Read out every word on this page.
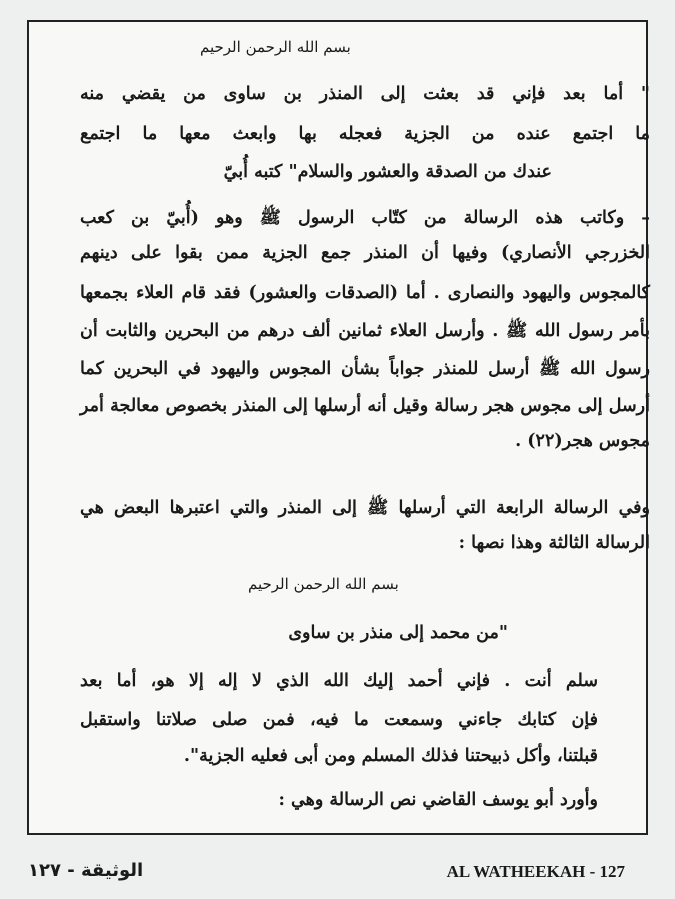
بسم الله الرحمن الرحيم
" أما بعد فإني قد بعثت إلى المنذر بن ساوى من يقضي منه
ما اجتمع عنده من الجزية فعجله بها وابعث معها ما اجتمع
عندك من الصدقة والعشور والسلام" كتبه أُبيّ
– وكاتب هذه الرسالة من كتّاب الرسول ﷺ وهو (أُبيّ بن كعب
الخزرجي الأنصاري) وفيها أن المنذر جمع الجزية ممن بقوا على دينهم
كالمجوس واليهود والنصارى . أما (الصدقات والعشور) فقد قام العلاء بجمعها
بأمر رسول الله ﷺ . وأرسل العلاء ثمانين ألف درهم من البحرين والثابت أن
رسول الله ﷺ أرسل للمنذر جواباً بشأن المجوس واليهود في البحرين كما
أرسل إلى مجوس هجر رسالة وقيل أنه أرسلها إلى المنذر بخصوص معالجة أمر
مجوس هجر(٢٢) .
وفي الرسالة الرابعة التي أرسلها ﷺ إلى المنذر والتي اعتبرها البعض هي
الرسالة الثالثة وهذا نصها :
بسم الله الرحمن الرحيم
"من محمد إلى منذر بن ساوى
سلم أنت . فإني أحمد إليك الله الذي لا إله إلا هو، أما بعد
فإن كتابك جاءني وسمعت ما فيه، فمن صلى صلاتنا واستقبل
قبلتنا، وأكل ذبيحتنا فذلك المسلم ومن أبى فعليه الجزية".
وأورد أبو يوسف القاضي نص الرسالة وهي :
الوثيقة - ١٢٧	AL WATHEEKAH - 127
